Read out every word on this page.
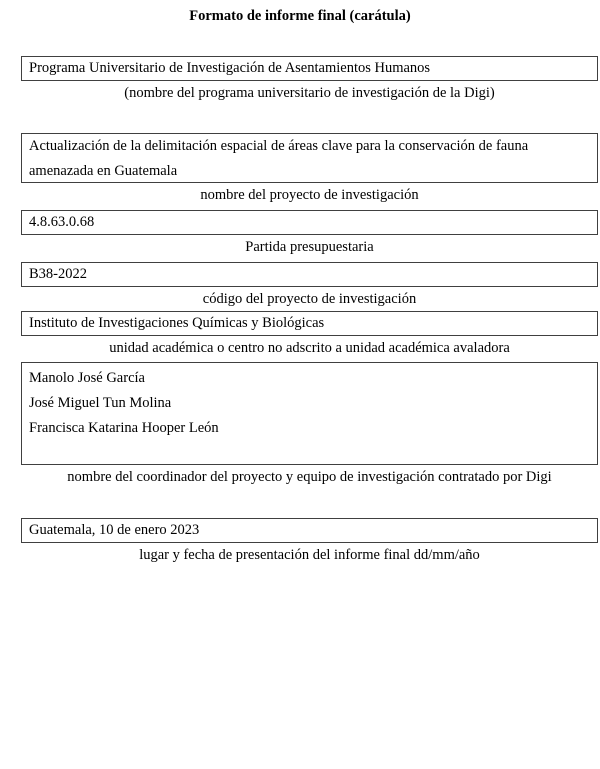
Formato de informe final (carátula)
Programa Universitario de Investigación de Asentamientos Humanos
(nombre del programa universitario de investigación de la Digi)
Actualización de la delimitación espacial de áreas clave para la conservación de fauna amenazada en Guatemala
nombre del proyecto de investigación
4.8.63.0.68
Partida presupuestaria
B38-2022
código del proyecto de investigación
Instituto de Investigaciones Químicas y Biológicas
unidad académica o centro no adscrito a unidad académica avaladora
Manolo José García
José Miguel Tun Molina
Francisca Katarina Hooper León
nombre del coordinador del proyecto y equipo de investigación contratado por Digi
Guatemala, 10 de enero 2023
lugar y fecha de presentación del informe final dd/mm/año
